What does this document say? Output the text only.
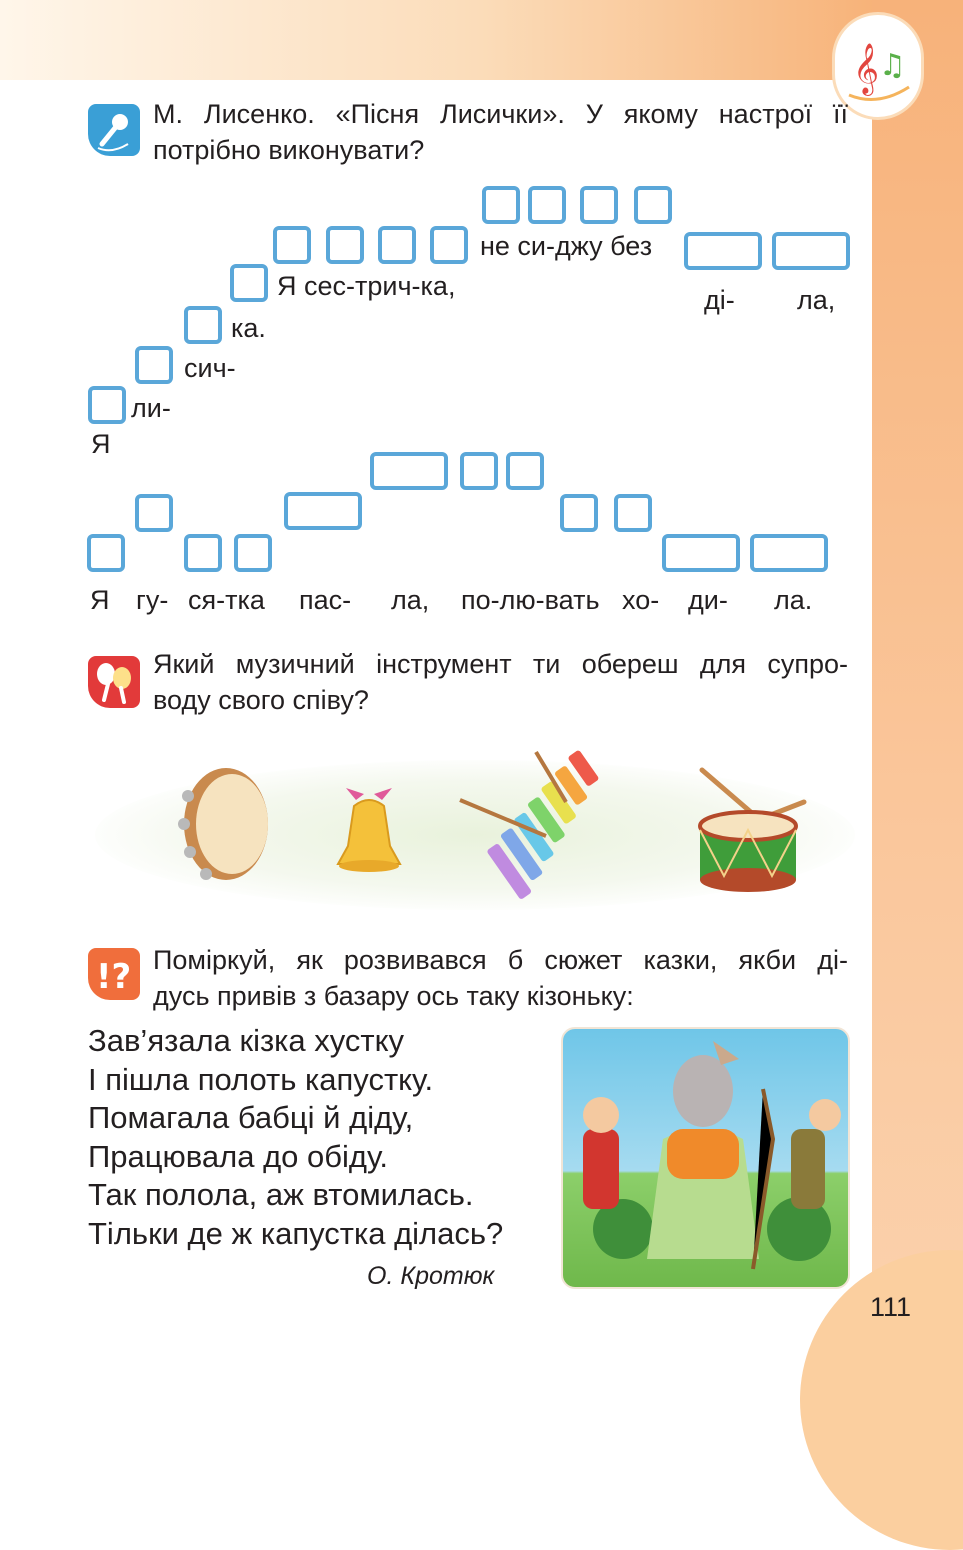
𝄞 ♫
М. Лисенко. «Пісня Лисички». У якому настрої її
потрібно виконувати?
не си-джу без
Я сес-трич-ка,	ді- ла,
ка.
сич-
ли-
Я
Я гу- ся-тка пас- ла, по-лю-вать хо- ди- ла.
Який музичний інструмент ти обереш для супро-
воду свого співу?
!? Поміркуй, як розвивався б сюжет казки, якби ді-
дусь привів з базару ось таку кізоньку:
Зав’язала кізка хустку
І пішла полоть капустку.
Помагала бабці й діду,
Працювала до обіду.
Так полола, аж втомилась.
Тільки де ж капустка ділась?
О. Кротюк
111
